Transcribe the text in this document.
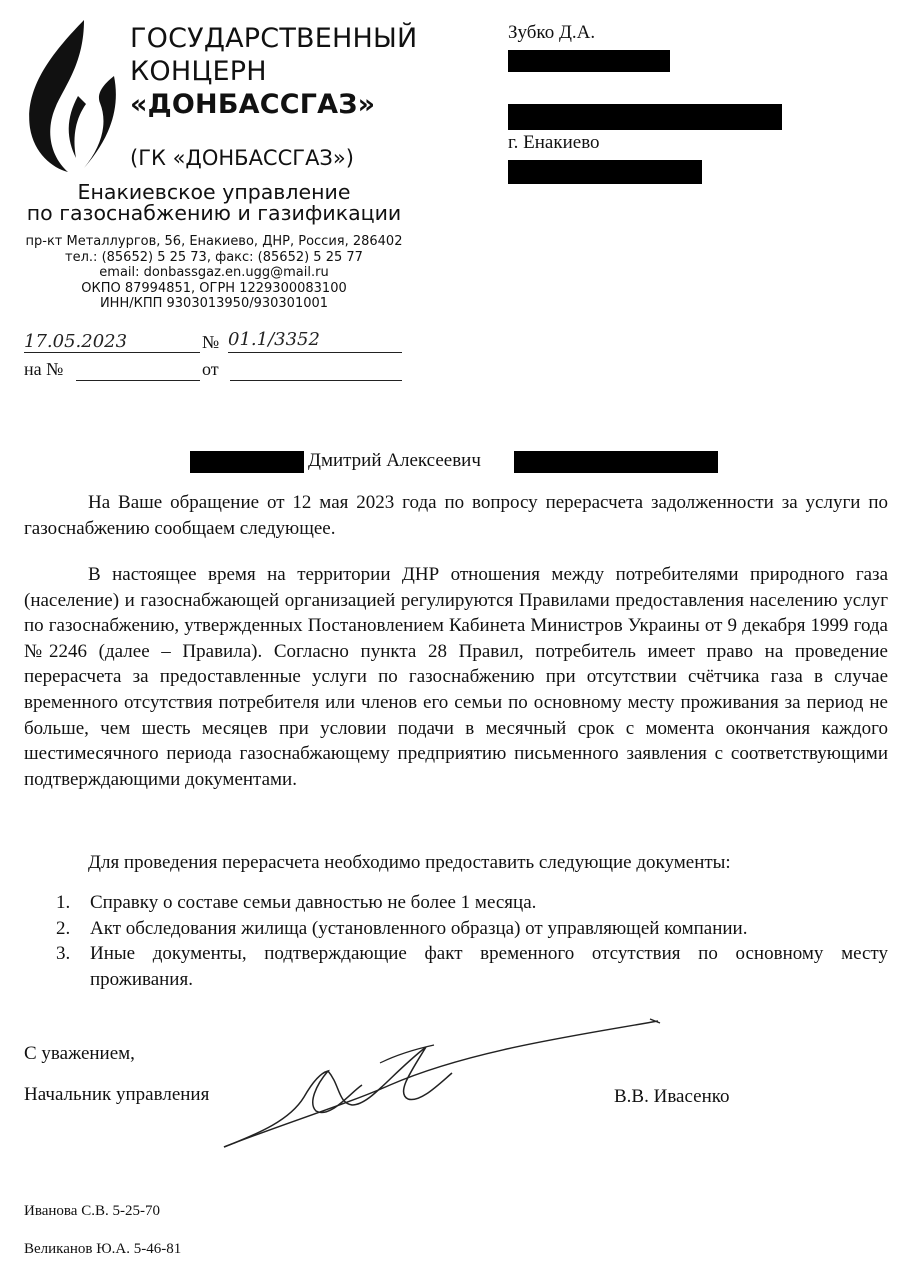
ГОСУДАРСТВЕННЫЙ
КОНЦЕРН
«ДОНБАССГАЗ»
(ГК «ДОНБАССГАЗ»)
Енакиевское управление
по газоснабжению и газификации
пр-кт Металлургов, 56, Енакиево, ДНР, Россия, 286402
тел.: (85652) 5 25 73, факс: (85652) 5 25 77
email: donbassgaz.en.ugg@mail.ru
ОКПО 87994851, ОГРН 1229300083100
ИНН/КПП 9303013950/930301001
17.05.2023	№ 01.1/3352
на №	от
Зубко Д.А.
г. Енакиево
Дмитрий Алексеевич
На Ваше обращение от 12 мая 2023 года по вопросу перерасчета задолженности за услуги по газоснабжению сообщаем следующее.
В настоящее время на территории ДНР отношения между потребителями природного газа (население) и газоснабжающей организацией регулируются Правилами предоставления населению услуг по газоснабжению, утвержденных Постановлением Кабинета Министров Украины от 9 декабря 1999 года №2246 (далее – Правила). Согласно пункта 28 Правил, потребитель имеет право на проведение перерасчета за предоставленные услуги по газоснабжению при отсутствии счётчика газа в случае временного отсутствия потребителя или членов его семьи по основному месту проживания за период не больше, чем шесть месяцев при условии подачи в месячный срок с момента окончания каждого шестимесячного периода газоснабжающему предприятию письменного заявления с соответствующими подтверждающими документами.
Для проведения перерасчета необходимо предоставить следующие документы:
1. Справку о составе семьи давностью не более 1 месяца.
2. Акт обследования жилища (установленного образца) от управляющей компании.
3. Иные документы, подтверждающие факт временного отсутствия по основному месту проживания.
С уважением,
Начальник управления	В.В. Ивасенко
Иванова С.В. 5-25-70
Великанов Ю.А. 5-46-81
